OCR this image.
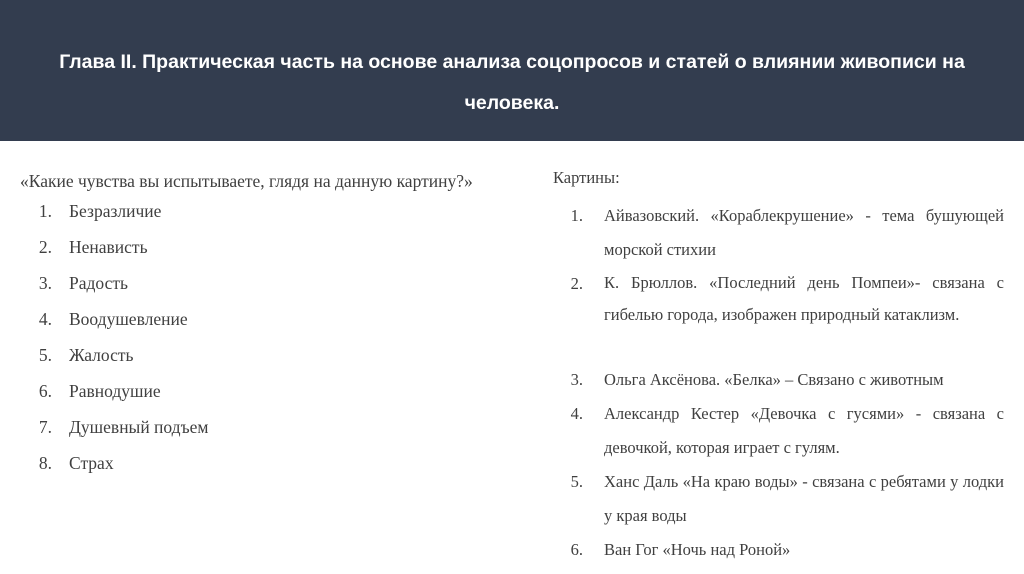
Глава II. Практическая часть на основе анализа соцопросов и статей о влиянии живописи на человека.
«Какие чувства вы испытываете, глядя на данную картину?»
1. Безразличие
2. Ненависть
3. Радость
4. Воодушевление
5. Жалость
6. Равнодушие
7. Душевный подъем
8. Страх
Картины:
1. Айвазовский. «Кораблекрушение» - тема бушующей морской стихии
2. К. Брюллов. «Последний день Помпеи»- связана с гибелью города, изображен природный катаклизм.
3. Ольга Аксёнова. «Белка» – Связано с животным
4. Александр Кестер «Девочка с гусями» - связана с девочкой, которая играет с гулям.
5. Ханс Даль «На краю воды» - связана с ребятами у лодки у края воды
6. Ван Гог «Ночь над Роной»
